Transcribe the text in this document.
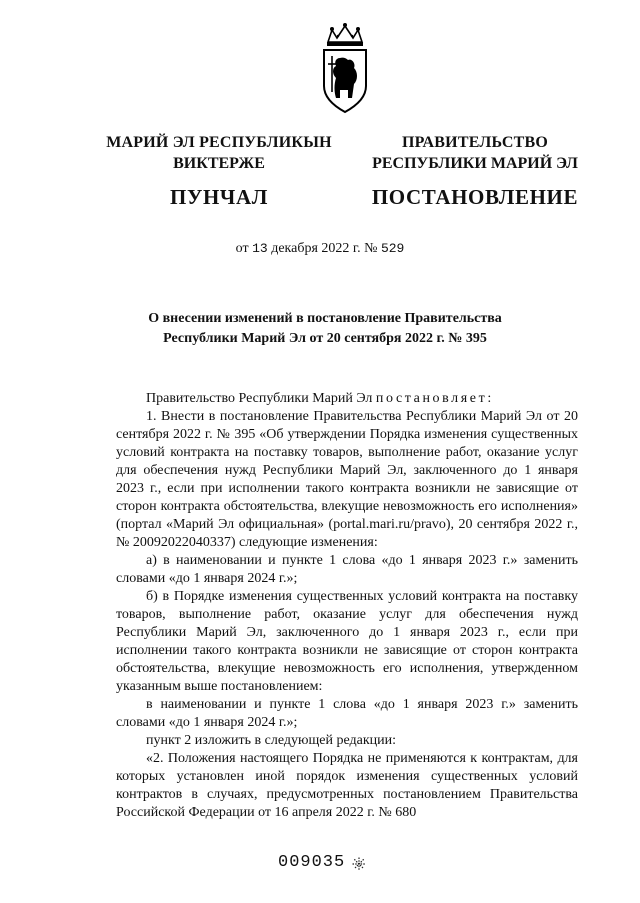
МАРИЙ ЭЛ РЕСПУБЛИКЫН
ВИКТЕРЖЕ
ПУНЧАЛ
ПРАВИТЕЛЬСТВО
РЕСПУБЛИКИ МАРИЙ ЭЛ
ПОСТАНОВЛЕНИЕ
от 13 декабря 2022 г. № 529
О внесении изменений в постановление Правительства
Республики Марий Эл от 20 сентября 2022 г. № 395

Правительство Республики Марий Эл постановляет:

1. Внести в постановление Правительства Республики Марий Эл от 20 сентября 2022 г. № 395 «Об утверждении Порядка изменения существенных условий контракта на поставку товаров, выполнение работ, оказание услуг для обеспечения нужд Республики Марий Эл, заключенного до 1 января 2023 г., если при исполнении такого контракта возникли не зависящие от сторон контракта обстоятельства, влекущие невозможность его исполнения» (портал «Марий Эл официальная» (portal.mari.ru/pravo), 20 сентября 2022 г., № 20092022040337) следующие изменения:

а) в наименовании и пункте 1 слова «до 1 января 2023 г.» заменить словами «до 1 января 2024 г.»;

б) в Порядке изменения существенных условий контракта на поставку товаров, выполнение работ, оказание услуг для обеспечения нужд Республики Марий Эл, заключенного до 1 января 2023 г., если при исполнении такого контракта возникли не зависящие от сторон контракта обстоятельства, влекущие невозможность его исполнения, утвержденном указанным выше постановлением:

в наименовании и пункте 1 слова «до 1 января 2023 г.» заменить словами «до 1 января 2024 г.»;

пункт 2 изложить в следующей редакции:

«2. Положения настоящего Порядка не применяются к контрактам, для которых установлен иной порядок изменения существенных условий контрактов в случаях, предусмотренных постановлением Правительства Российской Федерации от 16 апреля 2022 г. № 680

009035
